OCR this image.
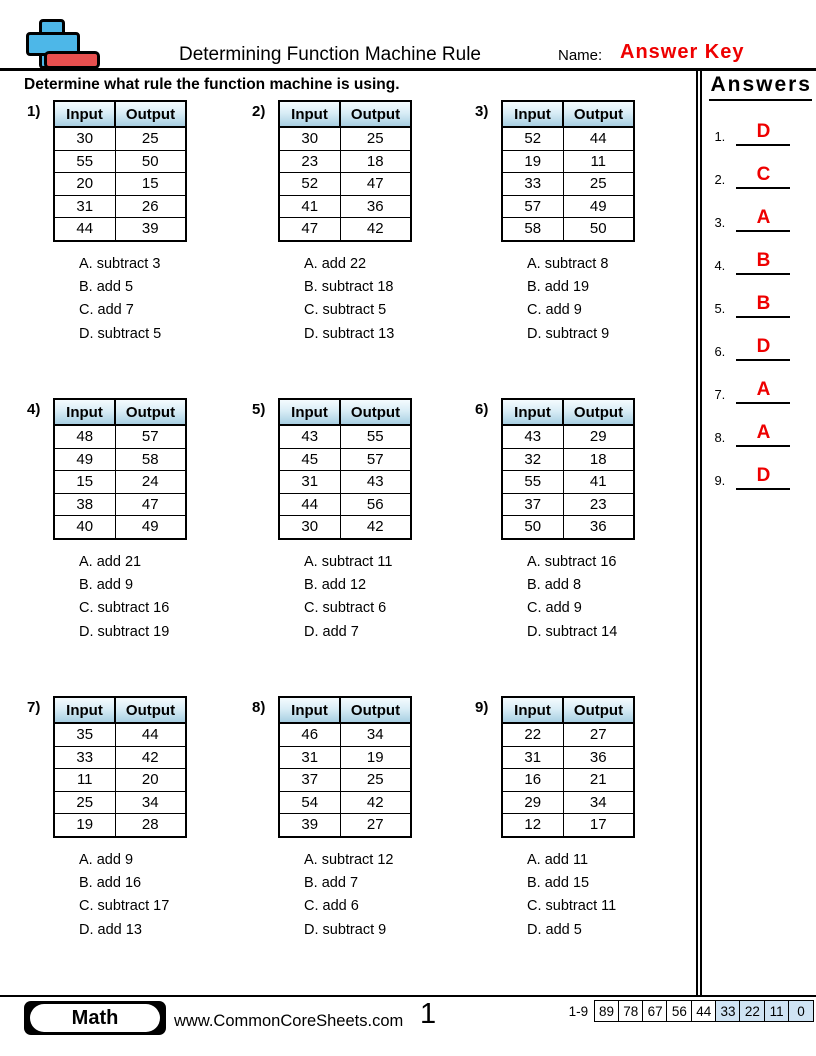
Determining Function Machine Rule	Name: Answer Key
Determine what rule the function machine is using.
1)	Input	Output
30	25
55	50
20	15
31	26
44	39
A. subtract 3
B. add 5
C. add 7
D. subtract 5
2)	Input	Output
30	25
23	18
52	47
41	36
47	42
A. add 22
B. subtract 18
C. subtract 5
D. subtract 13
3)	Input	Output
52	44
19	11
33	25
57	49
58	50
A. subtract 8
B. add 19
C. add 9
D. subtract 9
4)	Input	Output
48	57
49	58
15	24
38	47
40	49
A. add 21
B. add 9
C. subtract 16
D. subtract 19
5)	Input	Output
43	55
45	57
31	43
44	56
30	42
A. subtract 11
B. add 12
C. subtract 6
D. add 7
6)	Input	Output
43	29
32	18
55	41
37	23
50	36
A. subtract 16
B. add 8
C. add 9
D. subtract 14
7)	Input	Output
35	44
33	42
11	20
25	34
19	28
A. add 9
B. add 16
C. subtract 17
D. add 13
8)	Input	Output
46	34
31	19
37	25
54	42
39	27
A. subtract 12
B. add 7
C. add 6
D. subtract 9
9)	Input	Output
22	27
31	36
16	21
29	34
12	17
A. add 11
B. add 15
C. subtract 11
D. add 5
Answers
1.	D
2.	C
3.	A
4.	B
5.	B
6.	D
7.	A
8.	A
9.	D
Math	www.CommonCoreSheets.com 1	1-9 89 78 67 56 44 33 22 11	0
